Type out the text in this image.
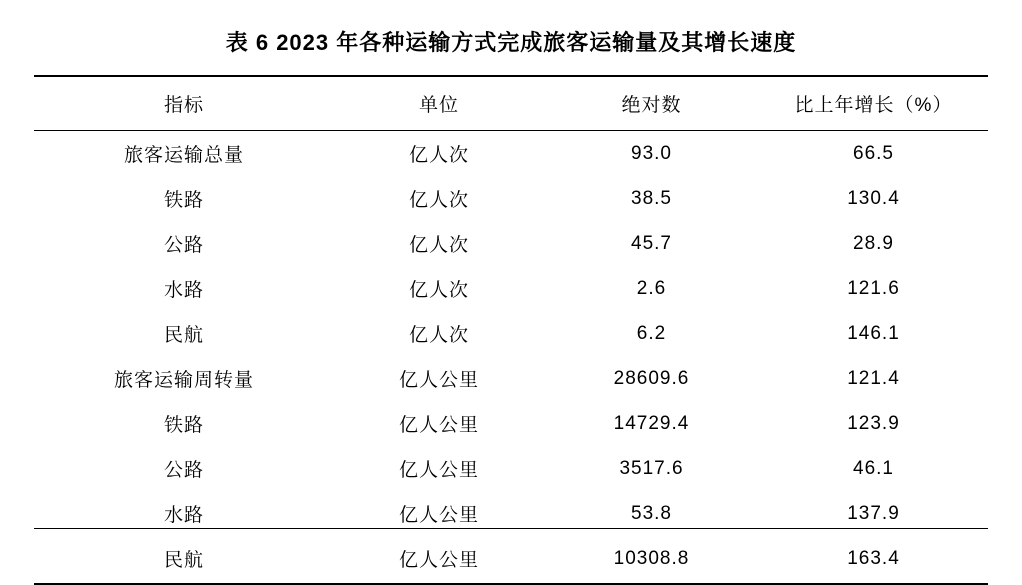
表 6 2023 年各种运输方式完成旅客运输量及其增长速度
指标	单位	绝对数	比上年增长（%）
旅客运输总量	亿人次	93.0	66.5
铁路	亿人次	38.5	130.4
公路	亿人次	45.7	28.9
水路	亿人次	2.6	121.6
民航	亿人次	6.2	146.1
旅客运输周转量	亿人公里	28609.6	121.4
铁路	亿人公里	14729.4	123.9
公路	亿人公里	3517.6	46.1
水路	亿人公里	53.8	137.9
民航	亿人公里	10308.8	163.4
